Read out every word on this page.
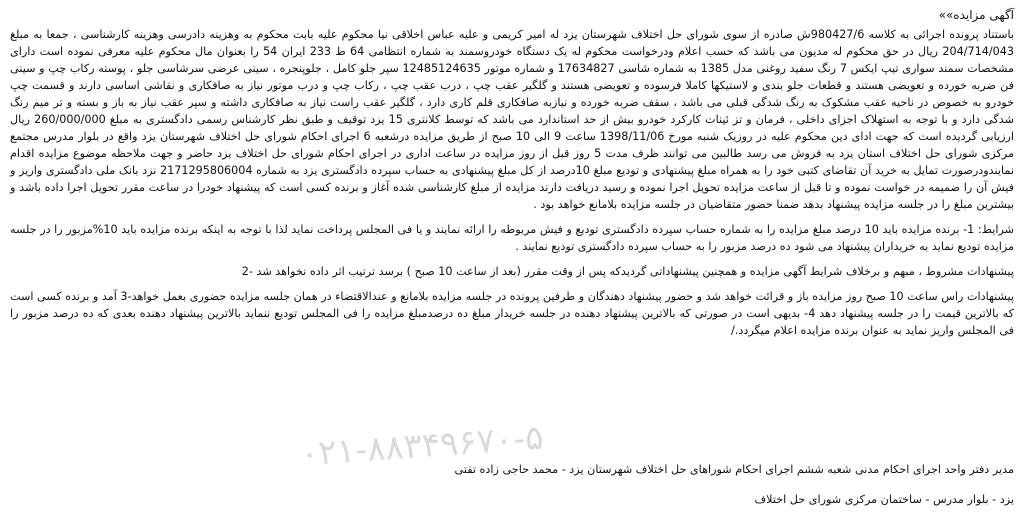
آگهی مزایده»»

باستناد پرونده اجرائی به کلاسه 980427/6ش صادره از سوی شورای حل اختلاف شهرستان یزد له امیر کریمی و علیه عباس اخلاقی نیا محکوم علیه بابت محکوم به وهزینه دادرسی وهزینه کارشناسی ، جمعا به مبلغ 204/714/043 ریال در حق محکوم له مدیون می باشد که حسب اعلام ودرخواست محکوم له یک دستگاه خودروسمند به شماره انتظامی 64 ط 233 ایران 54 را بعنوان مال محکوم علیه معرفی نموده است دارای مشخصات سمند سواری تیپ ایکس 7 رنگ سفید روغنی مدل 1385 به شماره شاسی 17634827 و شماره موتور 12485124635 سپر جلو کامل ، جلوپنجره ، سینی عرضی سرشاسی جلو ، پوسته رکاب چپ و سینی فن ضربه خورده و تعویضی هستند و قطعات جلو بندی و لاستیکها کاملا فرسوده و تعویضی هستند و گلگیر عقب چپ ، درب عقب چپ ، رکاب چپ و درب موتور نیاز به صافکاری و نقاشی اساسی دارند و قسمت چپ خودرو به خصوص در ناحیه عقب مشکوک به رنگ شدگی قبلی می باشد ، سقف ضربه خورده و نیازبه صافکاری قلم کاری دارد ، گلگیر عقب راست نیاز به صافکاری داشته و سپر عقب نیاز به باز و بسته و تر میم رنگ شدگی دارد و با توجه به استهلاک اجزای داخلی ، فرمان و تز ئینات کارکرد خودرو بیش از حد استاندارد می باشد که توسط کلانتری 15 یزد توقیف و طبق نظر کارشناس رسمی دادگستری به مبلغ 260/000/000 ریال ارزیابی گردیده است که جهت ادای دین محکوم علیه در روزیک شنبه مورخ 1398/11/06 ساعت 9 الی 10 صبح از طریق مزایده درشعبه 6 اجرای احکام شورای حل اختلاف شهرستان یزد واقع در بلوار مدرس مجتمع مرکزی شورای حل اختلاف استان یزد به فروش می رسد طالبین می توانند ظرف مدت 5 روز قبل از روز مزایده در ساعت اداری در اجرای احکام شورای حل اختلاف یزد حاضر و جهت ملاحظه موضوع مزایده اقدام نمایندودرصورت تمایل به خرید آن تقاضای کتبی خود را به همراه مبلغ پیشنهادی و تودیع مبلغ 10درصد از کل مبلغ پیشنهادی به حساب سپرده دادگستری یزد به شماره 2171295806004 نزد بانک ملی دادگستری واریز و فیش آن را ضمیمه در خواست نموده و تا قبل از ساعت مزایده تحویل اجرا نموده و رسید دریافت دارند مزایده از مبلغ کارشناسی شده آغاز و برنده کسی است که پیشنهاد خودرا در ساعت مقرر تحویل اجرا داده باشد و بیشترین مبلغ را در جلسه مزایده پیشنهاد بدهد ضمنا حضور متقاضیان در جلسه مزایده بلامانع خواهد بود .

شرایط: 1- برنده مزایده باید 10 درصد مبلغ مزایده را به شماره حساب سپرده دادگستری تودیع و فیش مربوطه را ارائه نمایند و یا فی المجلس پرداخت نماید لذا با توجه به اینکه برنده مزایده باید 10%مزبور را در جلسه مزایده تودیع نماید به خریداران پیشنهاد می شود ده درصد مزبور را به حساب سپرده دادگستری تودیع نمایند .

پیشنهادات مشروط ، مبهم و برخلاف شرایط آگهی مزایده و همچنین پیشنهاداتی گردیدکه پس از وقت مقرر (بعد از ساعت 10 صبح ) برسد ترتیب اثر داده نخواهد شد -2

پیشنهادات راس ساعت 10 صبح روز مزایده باز و قرائت خواهد شد و حضور پیشنهاد دهندگان و طرفین پرونده در جلسه مزایده بلامانع و عندالاقتضاء در همان جلسه مزایده حضوری بعمل خواهد-3 آمد و برنده کسی است که بالاترین قیمت را در جلسه پیشنهاد دهد 4- بدیهی است در صورتی که بالاترین پیشنهاد دهنده در جلسه خریدار مبلغ ده درصدمبلغ مزایده را فی المجلس تودیع ننماید بالاترین پیشنهاد دهنده بعدی که ده درصد مزبور را فی المجلس واریز نماید به عنوان برنده مزایده اعلام میگردد./

۰۲۱-۸۸۳۴۹۶۷۰-۵
مدیر دفتر واحد اجرای احکام مدنی شعبه ششم اجرای احکام شوراهای حل اختلاف شهرستان یزد - محمد حاجی زاده تفتی
یزد - بلوار مدرس - ساختمان مرکزی شورای حل اختلاف
